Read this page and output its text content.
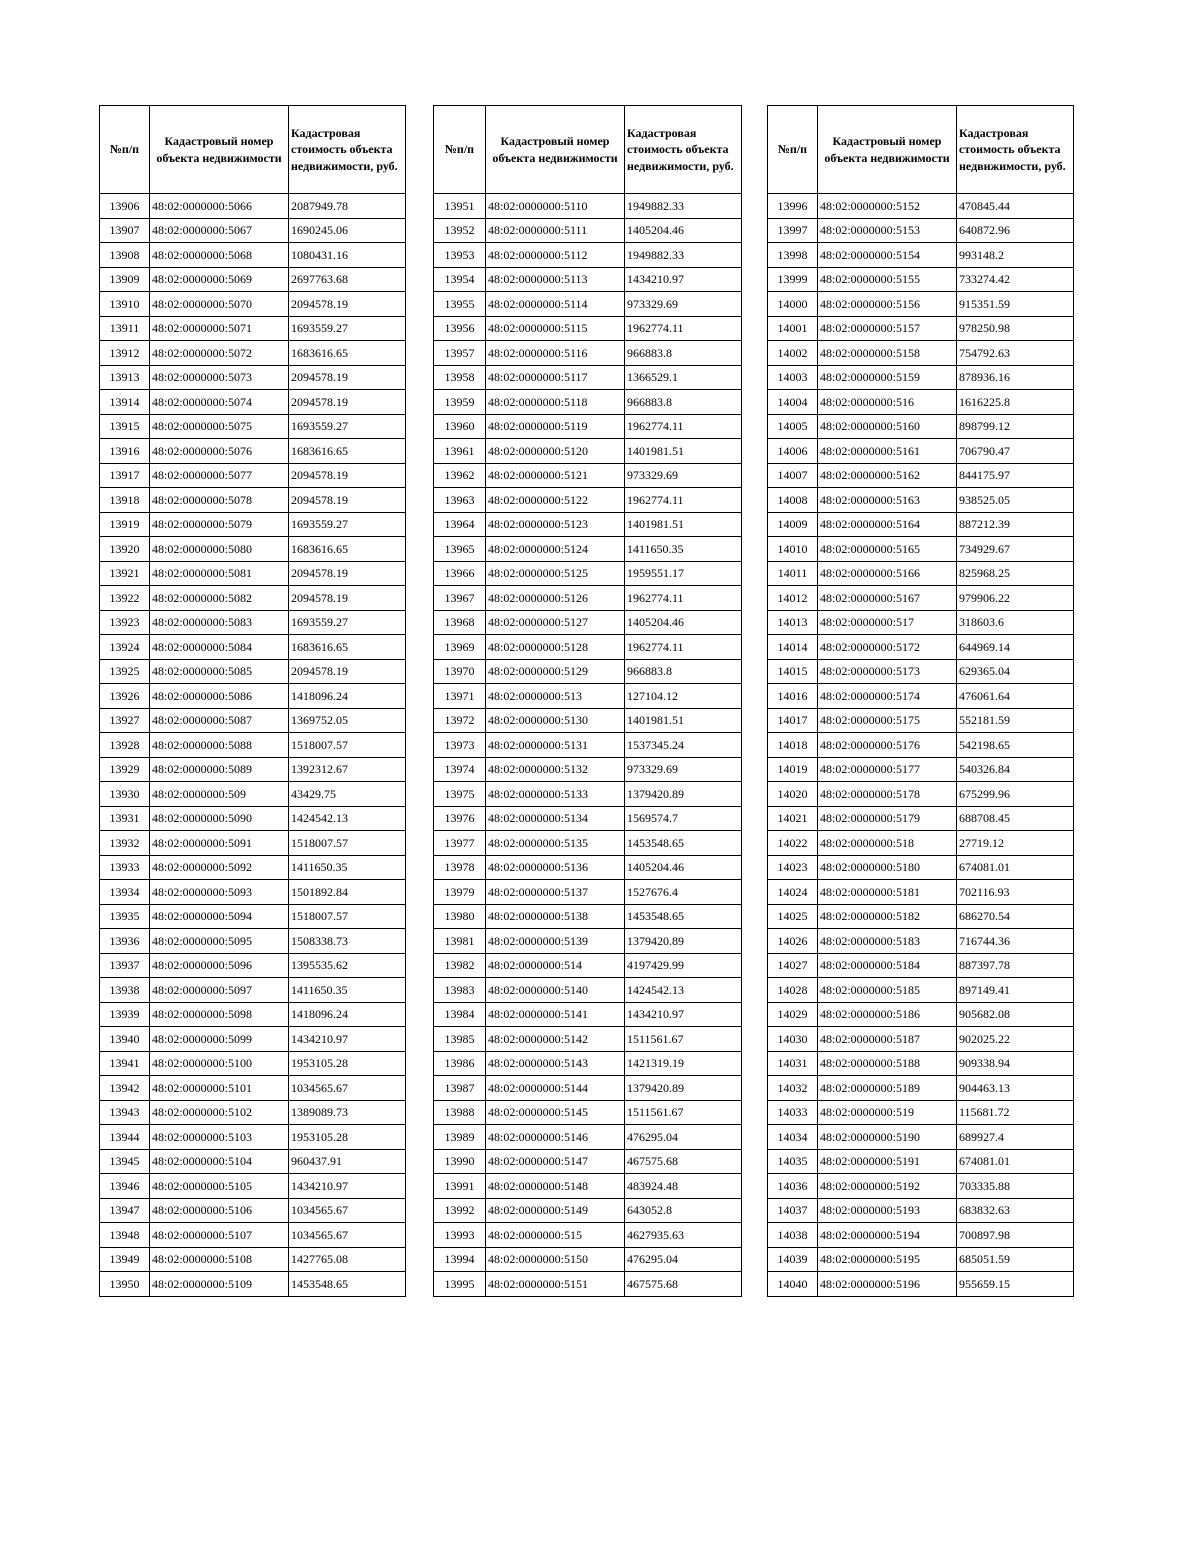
№п/п	Кадастровый номер объекта недвижимости	Кадастровая стоимость объекта недвижимости, руб.
13906	48:02:0000000:5066	2087949.78
13907	48:02:0000000:5067	1690245.06
13908	48:02:0000000:5068	1080431.16
13909	48:02:0000000:5069	2697763.68
13910	48:02:0000000:5070	2094578.19
13911	48:02:0000000:5071	1693559.27
13912	48:02:0000000:5072	1683616.65
13913	48:02:0000000:5073	2094578.19
13914	48:02:0000000:5074	2094578.19
13915	48:02:0000000:5075	1693559.27
13916	48:02:0000000:5076	1683616.65
13917	48:02:0000000:5077	2094578.19
13918	48:02:0000000:5078	2094578.19
13919	48:02:0000000:5079	1693559.27
13920	48:02:0000000:5080	1683616.65
13921	48:02:0000000:5081	2094578.19
13922	48:02:0000000:5082	2094578.19
13923	48:02:0000000:5083	1693559.27
13924	48:02:0000000:5084	1683616.65
13925	48:02:0000000:5085	2094578.19
13926	48:02:0000000:5086	1418096.24
13927	48:02:0000000:5087	1369752.05
13928	48:02:0000000:5088	1518007.57
13929	48:02:0000000:5089	1392312.67
13930	48:02:0000000:509	43429.75
13931	48:02:0000000:5090	1424542.13
13932	48:02:0000000:5091	1518007.57
13933	48:02:0000000:5092	1411650.35
13934	48:02:0000000:5093	1501892.84
13935	48:02:0000000:5094	1518007.57
13936	48:02:0000000:5095	1508338.73
13937	48:02:0000000:5096	1395535.62
13938	48:02:0000000:5097	1411650.35
13939	48:02:0000000:5098	1418096.24
13940	48:02:0000000:5099	1434210.97
13941	48:02:0000000:5100	1953105.28
13942	48:02:0000000:5101	1034565.67
13943	48:02:0000000:5102	1389089.73
13944	48:02:0000000:5103	1953105.28
13945	48:02:0000000:5104	960437.91
13946	48:02:0000000:5105	1434210.97
13947	48:02:0000000:5106	1034565.67
13948	48:02:0000000:5107	1034565.67
13949	48:02:0000000:5108	1427765.08
13950	48:02:0000000:5109	1453548.65
№п/п	Кадастровый номер объекта недвижимости	Кадастровая стоимость объекта недвижимости, руб.
13951	48:02:0000000:5110	1949882.33
13952	48:02:0000000:5111	1405204.46
13953	48:02:0000000:5112	1949882.33
13954	48:02:0000000:5113	1434210.97
13955	48:02:0000000:5114	973329.69
13956	48:02:0000000:5115	1962774.11
13957	48:02:0000000:5116	966883.8
13958	48:02:0000000:5117	1366529.1
13959	48:02:0000000:5118	966883.8
13960	48:02:0000000:5119	1962774.11
13961	48:02:0000000:5120	1401981.51
13962	48:02:0000000:5121	973329.69
13963	48:02:0000000:5122	1962774.11
13964	48:02:0000000:5123	1401981.51
13965	48:02:0000000:5124	1411650.35
13966	48:02:0000000:5125	1959551.17
13967	48:02:0000000:5126	1962774.11
13968	48:02:0000000:5127	1405204.46
13969	48:02:0000000:5128	1962774.11
13970	48:02:0000000:5129	966883.8
13971	48:02:0000000:513	127104.12
13972	48:02:0000000:5130	1401981.51
13973	48:02:0000000:5131	1537345.24
13974	48:02:0000000:5132	973329.69
13975	48:02:0000000:5133	1379420.89
13976	48:02:0000000:5134	1569574.7
13977	48:02:0000000:5135	1453548.65
13978	48:02:0000000:5136	1405204.46
13979	48:02:0000000:5137	1527676.4
13980	48:02:0000000:5138	1453548.65
13981	48:02:0000000:5139	1379420.89
13982	48:02:0000000:514	4197429.99
13983	48:02:0000000:5140	1424542.13
13984	48:02:0000000:5141	1434210.97
13985	48:02:0000000:5142	1511561.67
13986	48:02:0000000:5143	1421319.19
13987	48:02:0000000:5144	1379420.89
13988	48:02:0000000:5145	1511561.67
13989	48:02:0000000:5146	476295.04
13990	48:02:0000000:5147	467575.68
13991	48:02:0000000:5148	483924.48
13992	48:02:0000000:5149	643052.8
13993	48:02:0000000:515	4627935.63
13994	48:02:0000000:5150	476295.04
13995	48:02:0000000:5151	467575.68
№п/п	Кадастровый номер объекта недвижимости	Кадастровая стоимость объекта недвижимости, руб.
13996	48:02:0000000:5152	470845.44
13997	48:02:0000000:5153	640872.96
13998	48:02:0000000:5154	993148.2
13999	48:02:0000000:5155	733274.42
14000	48:02:0000000:5156	915351.59
14001	48:02:0000000:5157	978250.98
14002	48:02:0000000:5158	754792.63
14003	48:02:0000000:5159	878936.16
14004	48:02:0000000:516	1616225.8
14005	48:02:0000000:5160	898799.12
14006	48:02:0000000:5161	706790.47
14007	48:02:0000000:5162	844175.97
14008	48:02:0000000:5163	938525.05
14009	48:02:0000000:5164	887212.39
14010	48:02:0000000:5165	734929.67
14011	48:02:0000000:5166	825968.25
14012	48:02:0000000:5167	979906.22
14013	48:02:0000000:517	318603.6
14014	48:02:0000000:5172	644969.14
14015	48:02:0000000:5173	629365.04
14016	48:02:0000000:5174	476061.64
14017	48:02:0000000:5175	552181.59
14018	48:02:0000000:5176	542198.65
14019	48:02:0000000:5177	540326.84
14020	48:02:0000000:5178	675299.96
14021	48:02:0000000:5179	688708.45
14022	48:02:0000000:518	27719.12
14023	48:02:0000000:5180	674081.01
14024	48:02:0000000:5181	702116.93
14025	48:02:0000000:5182	686270.54
14026	48:02:0000000:5183	716744.36
14027	48:02:0000000:5184	887397.78
14028	48:02:0000000:5185	897149.41
14029	48:02:0000000:5186	905682.08
14030	48:02:0000000:5187	902025.22
14031	48:02:0000000:5188	909338.94
14032	48:02:0000000:5189	904463.13
14033	48:02:0000000:519	115681.72
14034	48:02:0000000:5190	689927.4
14035	48:02:0000000:5191	674081.01
14036	48:02:0000000:5192	703335.88
14037	48:02:0000000:5193	683832.63
14038	48:02:0000000:5194	700897.98
14039	48:02:0000000:5195	685051.59
14040	48:02:0000000:5196	955659.15
